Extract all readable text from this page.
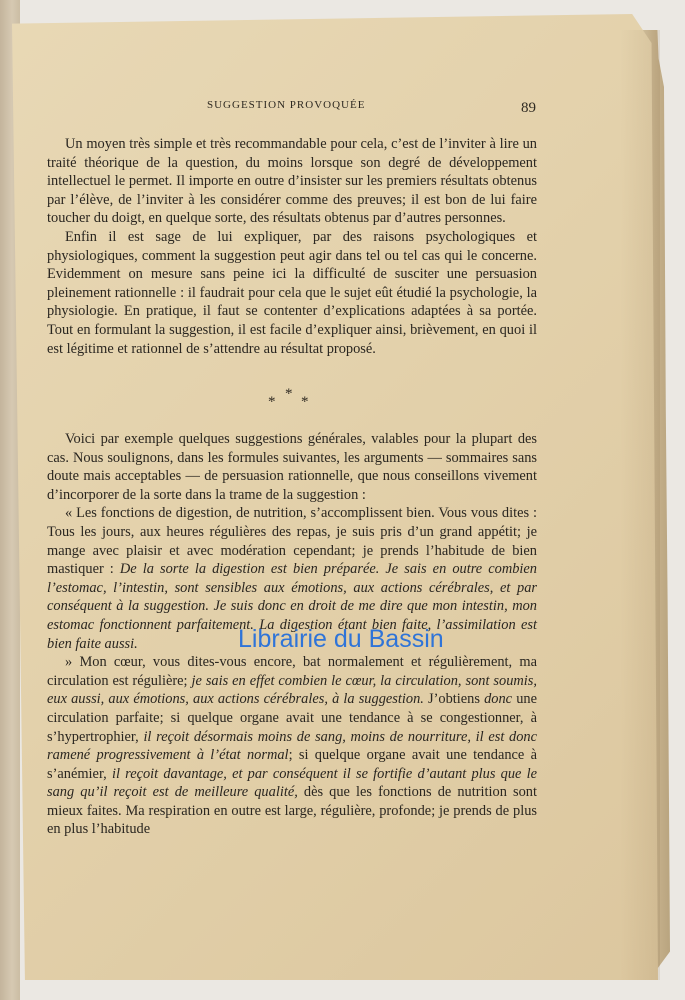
SUGGESTION PROVOQUÉE	89

Un moyen très simple et très recommandable pour cela, c’est de l’inviter à lire un traité théorique de la question, du moins lorsque son degré de développement intellectuel le permet. Il importe en outre d’insister sur les premiers résultats obtenus par l’élève, de l’inviter à les considérer comme des preuves; il est bon de lui faire toucher du doigt, en quelque sorte, des résultats obtenus par d’autres personnes.

Enfin il est sage de lui expliquer, par des raisons psychologiques et physiologiques, comment la suggestion peut agir dans tel ou tel cas qui le concerne. Evidemment on mesure sans peine ici la difficulté de susciter une persuasion pleinement rationnelle : il faudrait pour cela que le sujet eût étudié la psychologie, la physiologie. En pratique, il faut se contenter d’explications adaptées à sa portée. Tout en formulant la suggestion, il est facile d’expliquer ainsi, brièvement, en quoi il est légitime et rationnel de s’attendre au résultat proposé.

* * *

Voici par exemple quelques suggestions générales, valables pour la plupart des cas. Nous soulignons, dans les formules suivantes, les arguments — sommaires sans doute mais acceptables — de persuasion rationnelle, que nous conseillons vivement d’incorporer de la sorte dans la trame de la suggestion :

« Les fonctions de digestion, de nutrition, s’accomplissent bien. Vous vous dites : Tous les jours, aux heures régulières des repas, je suis pris d’un grand appétit; je mange avec plaisir et avec modération cependant; je prends l’habitude de bien mastiquer : De la sorte la digestion est bien préparée. Je sais en outre combien l’estomac, l’intestin, sont sensibles aux émotions, aux actions cérébrales, et par conséquent à la suggestion. Je suis donc en droit de me dire que mon intestin, mon estomac fonctionnent parfaitement. La digestion étant bien faite, l’assimilation est bien faite aussi.

» Mon cœur, vous dites-vous encore, bat normalement et régulièrement, ma circulation est régulière; je sais en effet combien le cœur, la circulation, sont soumis, eux aussi, aux émotions, aux actions cérébrales, à la suggestion. J’obtiens donc une circulation parfaite; si quelque organe avait une tendance à se congestionner, à s’hypertrophier, il reçoit désormais moins de sang, moins de nourriture, il est donc ramené progressivement à l’état normal; si quelque organe avait une tendance à s’anémier, il reçoit davantage, et par conséquent il se fortifie d’autant plus que le sang qu’il reçoit est de meilleure qualité, dès que les fonctions de nutrition sont mieux faites. Ma respiration en outre est large, régulière, profonde; je prends de plus en plus l’habitude

Librairie du Bassin
